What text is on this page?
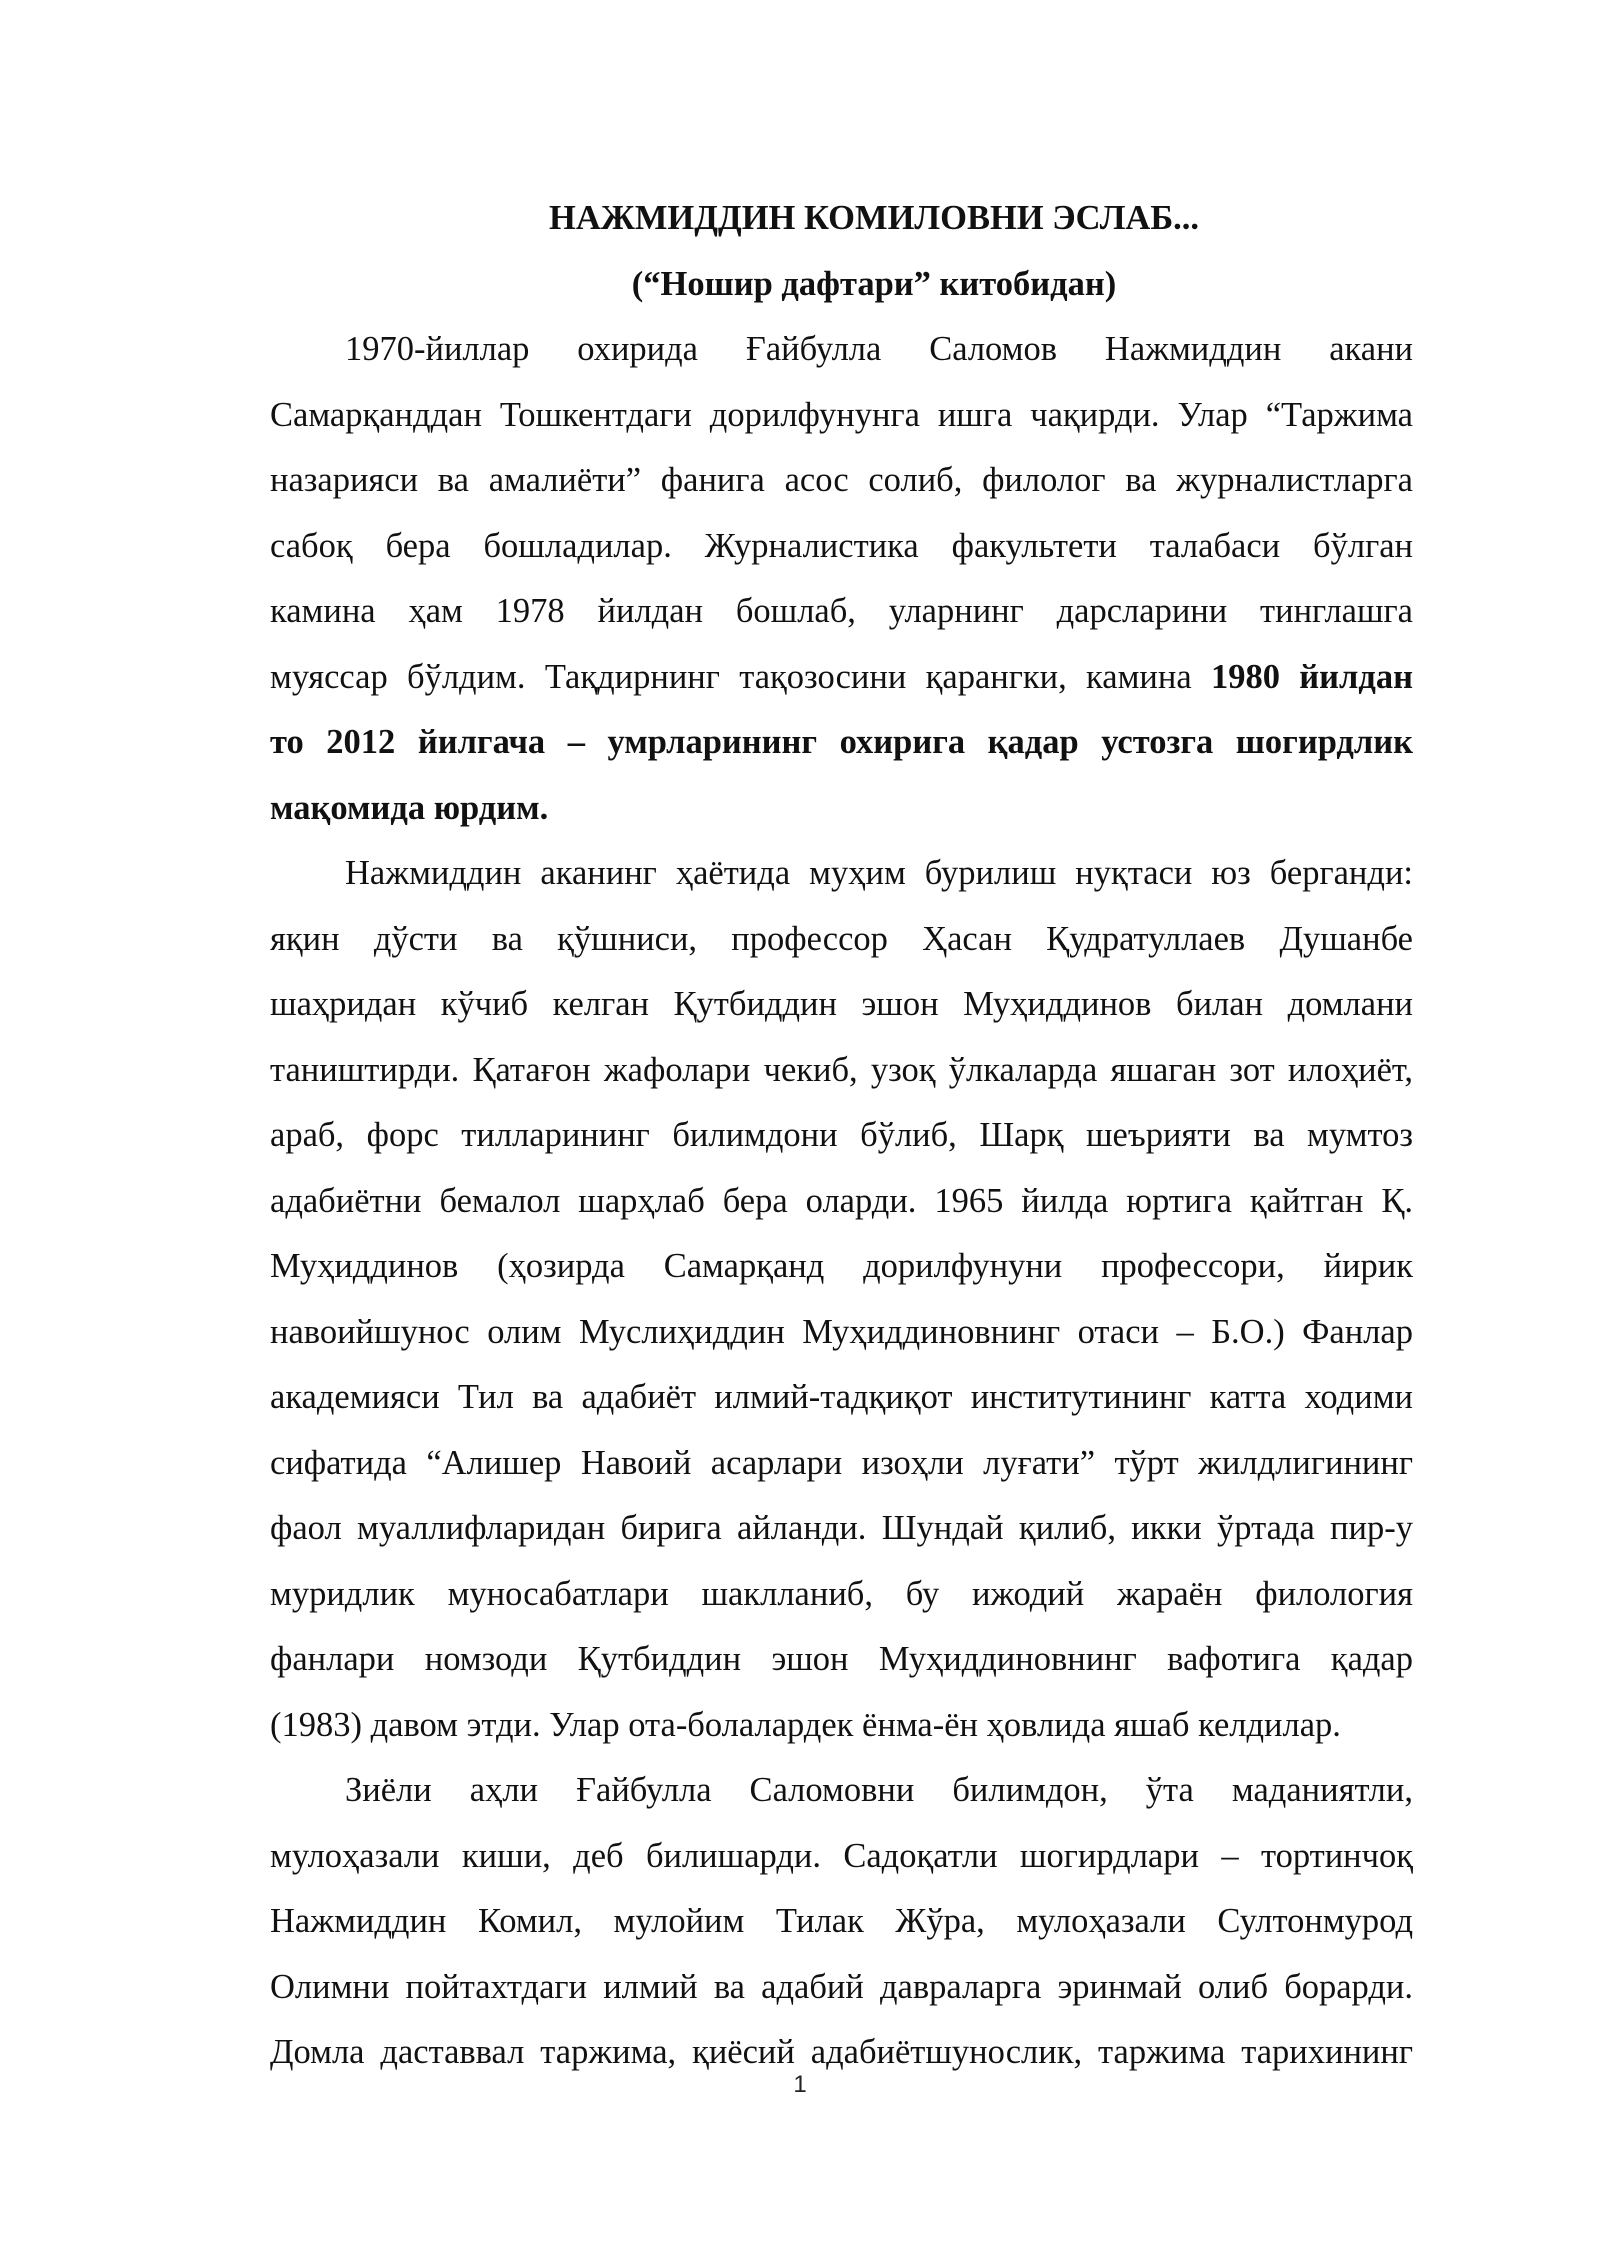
НАЖМИДДИН КОМИЛОВНИ ЭСЛАБ...
(“Ношир дафтари” китобидан)
1970-йиллар охирида Ғайбулла Саломов Нажмиддин акани
Самарқанддан Тошкентдаги дорилфунунга ишга чақирди. Улар “Таржима
назарияси ва амалиёти” фанига асос солиб, филолог ва журналистларга
сабоқ бера бошладилар. Журналистика факультети талабаси бўлган
камина ҳам 1978 йилдан бошлаб, уларнинг дарсларини тинглашга
муяссар бўлдим. Тақдирнинг тақозосини қарангки, камина 1980 йилдан
то 2012 йилгача – умрларининг охирига қадар устозга шогирдлик
мақомида юрдим.
Нажмиддин аканинг ҳаётида муҳим бурилиш нуқтаси юз берганди:
яқин дўсти ва қўшниси, профессор Ҳасан Қудратуллаев Душанбе
шаҳридан кўчиб келган Қутбиддин эшон Муҳиддинов билан домлани
таништирди. Қатағон жафолари чекиб, узоқ ўлкаларда яшаган зот илоҳиёт,
араб, форс тилларининг билимдони бўлиб, Шарқ шеърияти ва мумтоз
адабиётни бемалол шарҳлаб бера оларди. 1965 йилда юртига қайтган Қ.
Муҳиддинов (ҳозирда Самарқанд дорилфунуни профессори, йирик
навоийшунос олим Муслиҳиддин Муҳиддиновнинг отаси – Б.О.) Фанлар
академияси Тил ва адабиёт илмий-тадқиқот институтининг катта ходими
сифатида “Алишер Навоий асарлари изоҳли луғати” тўрт жилдлигининг
фаол муаллифларидан бирига айланди. Шундай қилиб, икки ўртада пир-у
муридлик муносабатлари шаклланиб, бу ижодий жараён филология
фанлари номзоди Қутбиддин эшон Муҳиддиновнинг вафотига қадар
(1983) давом этди. Улар ота-болалардек ёнма-ён ҳовлида яшаб келдилар.
Зиёли аҳли Ғайбулла Саломовни билимдон, ўта маданиятли,
мулоҳазали киши, деб билишарди. Садоқатли шогирдлари – тортинчоқ
Нажмиддин Комил, мулойим Тилак Жўра, мулоҳазали Султонмурод
Олимни пойтахтдаги илмий ва адабий давраларга эринмай олиб борарди.
Домла даставвал таржима, қиёсий адабиётшунослик, таржима тарихининг
1
